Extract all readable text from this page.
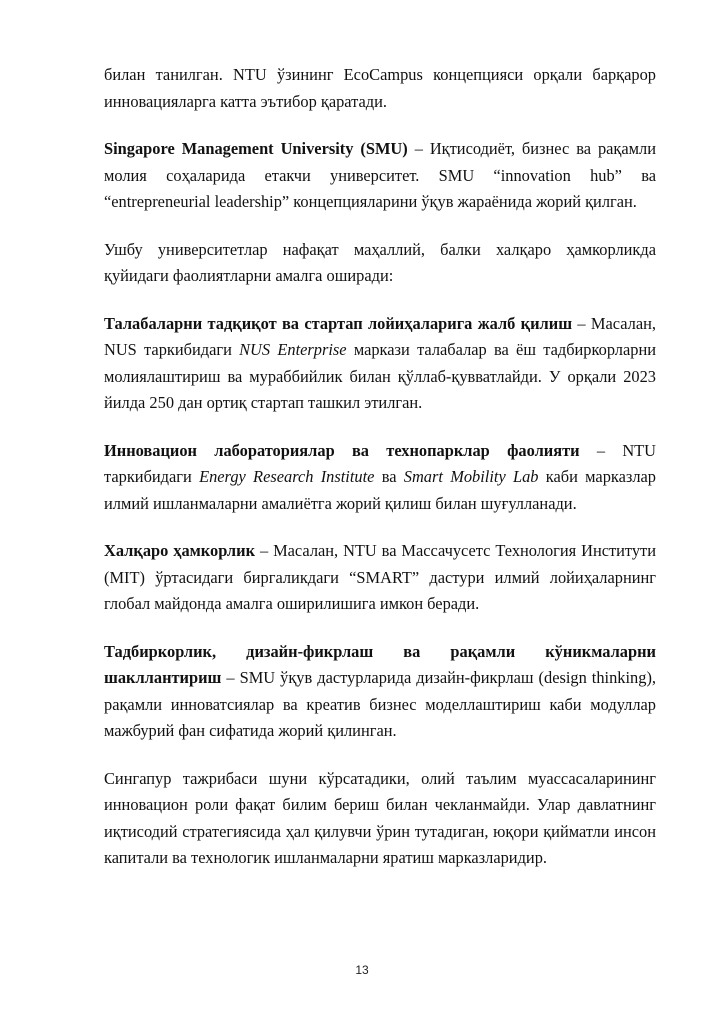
билан танилган. NTU ўзининг EcoCampus концепцияси орқали барқарор инновацияларга катта эътибор қаратади.

Singapore Management University (SMU) – Иқтисодиёт, бизнес ва рақамли молия соҳаларида етакчи университет. SMU “innovation hub” ва “entrepreneurial leadership” концепцияларини ўқув жараёнида жорий қилган.

Ушбу университетлар нафақат маҳаллий, балки халқаро ҳамкорликда қуйидаги фаолиятларни амалга оширади:

Талабаларни тадқиқот ва стартап лойиҳаларига жалб қилиш – Масалан, NUS таркибидаги NUS Enterprise маркази талабалар ва ёш тадбиркорларни молиялаштириш ва мураббийлик билан қўллаб-қувватлайди. У орқали 2023 йилда 250 дан ортиқ стартап ташкил этилган.

Инновацион лабораториялар ва технопарклар фаолияти – NTU таркибидаги Energy Research Institute ва Smart Mobility Lab каби марказлар илмий ишланмаларни амалиётга жорий қилиш билан шуғулланади.

Халқаро ҳамкорлик – Масалан, NTU ва Массачусетс Технология Институти (MIT) ўртасидаги биргаликдаги “SMART” дастури илмий лойиҳаларнинг глобал майдонда амалга оширилишига имкон беради.

Тадбиркорлик, дизайн-фикрлаш ва рақамли кўникмаларни шакллантириш – SMU ўқув дастурларида дизайн-фикрлаш (design thinking), рақамли инноватсиялар ва креатив бизнес моделлаштириш каби модуллар мажбурий фан сифатида жорий қилинган.

Сингапур тажрибаси шуни кўрсатадики, олий таълим муассасаларининг инновацион роли фақат билим бериш билан чекланмайди. Улар давлатнинг иқтисодий стратегиясида ҳал қилувчи ўрин тутадиган, юқори қийматли инсон капитали ва технологик ишланмаларни яратиш марказларидир.

13
